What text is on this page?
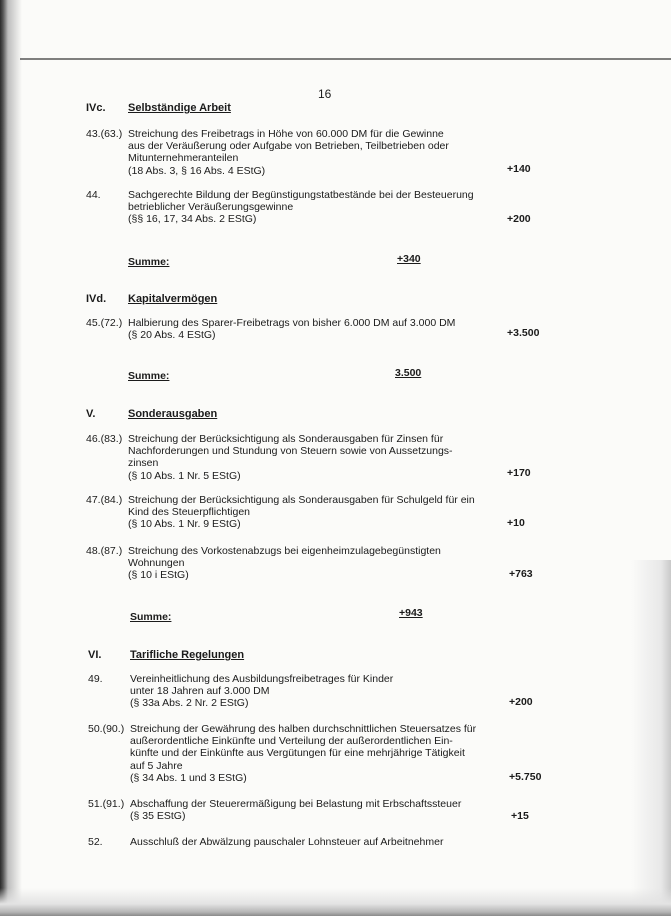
16
IVc. Selbständige Arbeit
43.(63.) Streichung des Freibetrags in Höhe von 60.000 DM für die Gewinne
aus der Veräußerung oder Aufgabe von Betrieben, Teilbetrieben oder
Mitunternehmeranteilen
(18 Abs. 3, § 16 Abs. 4 EStG)	+140
44.	Sachgerechte Bildung der Begünstigungstatbestände bei der Besteuerung
betrieblicher Veräußerungsgewinne
(§§ 16, 17, 34 Abs. 2 EStG)	+200
Summe:	+340
IVd. Kapitalvermögen
45.(72.) Halbierung des Sparer-Freibetrags von bisher 6.000 DM auf 3.000 DM
(§ 20 Abs. 4 EStG)	+3.500
Summe:	3.500
V.	Sonderausgaben
46.(83.) Streichung der Berücksichtigung als Sonderausgaben für Zinsen für
Nachforderungen und Stundung von Steuern sowie von Aussetzungs-
zinsen
(§ 10 Abs. 1 Nr. 5 EStG)	+170
47.(84.) Streichung der Berücksichtigung als Sonderausgaben für Schulgeld für ein
Kind des Steuerpflichtigen
(§ 10 Abs. 1 Nr. 9 EStG)	+10
48.(87.) Streichung des Vorkostenabzugs bei eigenheimzulagebegünstigten
Wohnungen
(§ 10 i EStG)	+763
Summe:	+943
VI.	Tarifliche Regelungen
49.	Vereinheitlichung des Ausbildungsfreibetrages für Kinder
unter 18 Jahren auf 3.000 DM
(§ 33a Abs. 2 Nr. 2 EStG)	+200
50.(90.) Streichung der Gewährung des halben durchschnittlichen Steuersatzes für
außerordentliche Einkünfte und Verteilung der außerordentlichen Ein-
künfte und der Einkünfte aus Vergütungen für eine mehrjährige Tätigkeit
auf 5 Jahre
(§ 34 Abs. 1 und 3 EStG)	+5.750
51.(91.) Abschaffung der Steuerermäßigung bei Belastung mit Erbschaftssteuer
(§ 35 EStG)	+15
52.	Ausschluß der Abwälzung pauschaler Lohnsteuer auf Arbeitnehmer
